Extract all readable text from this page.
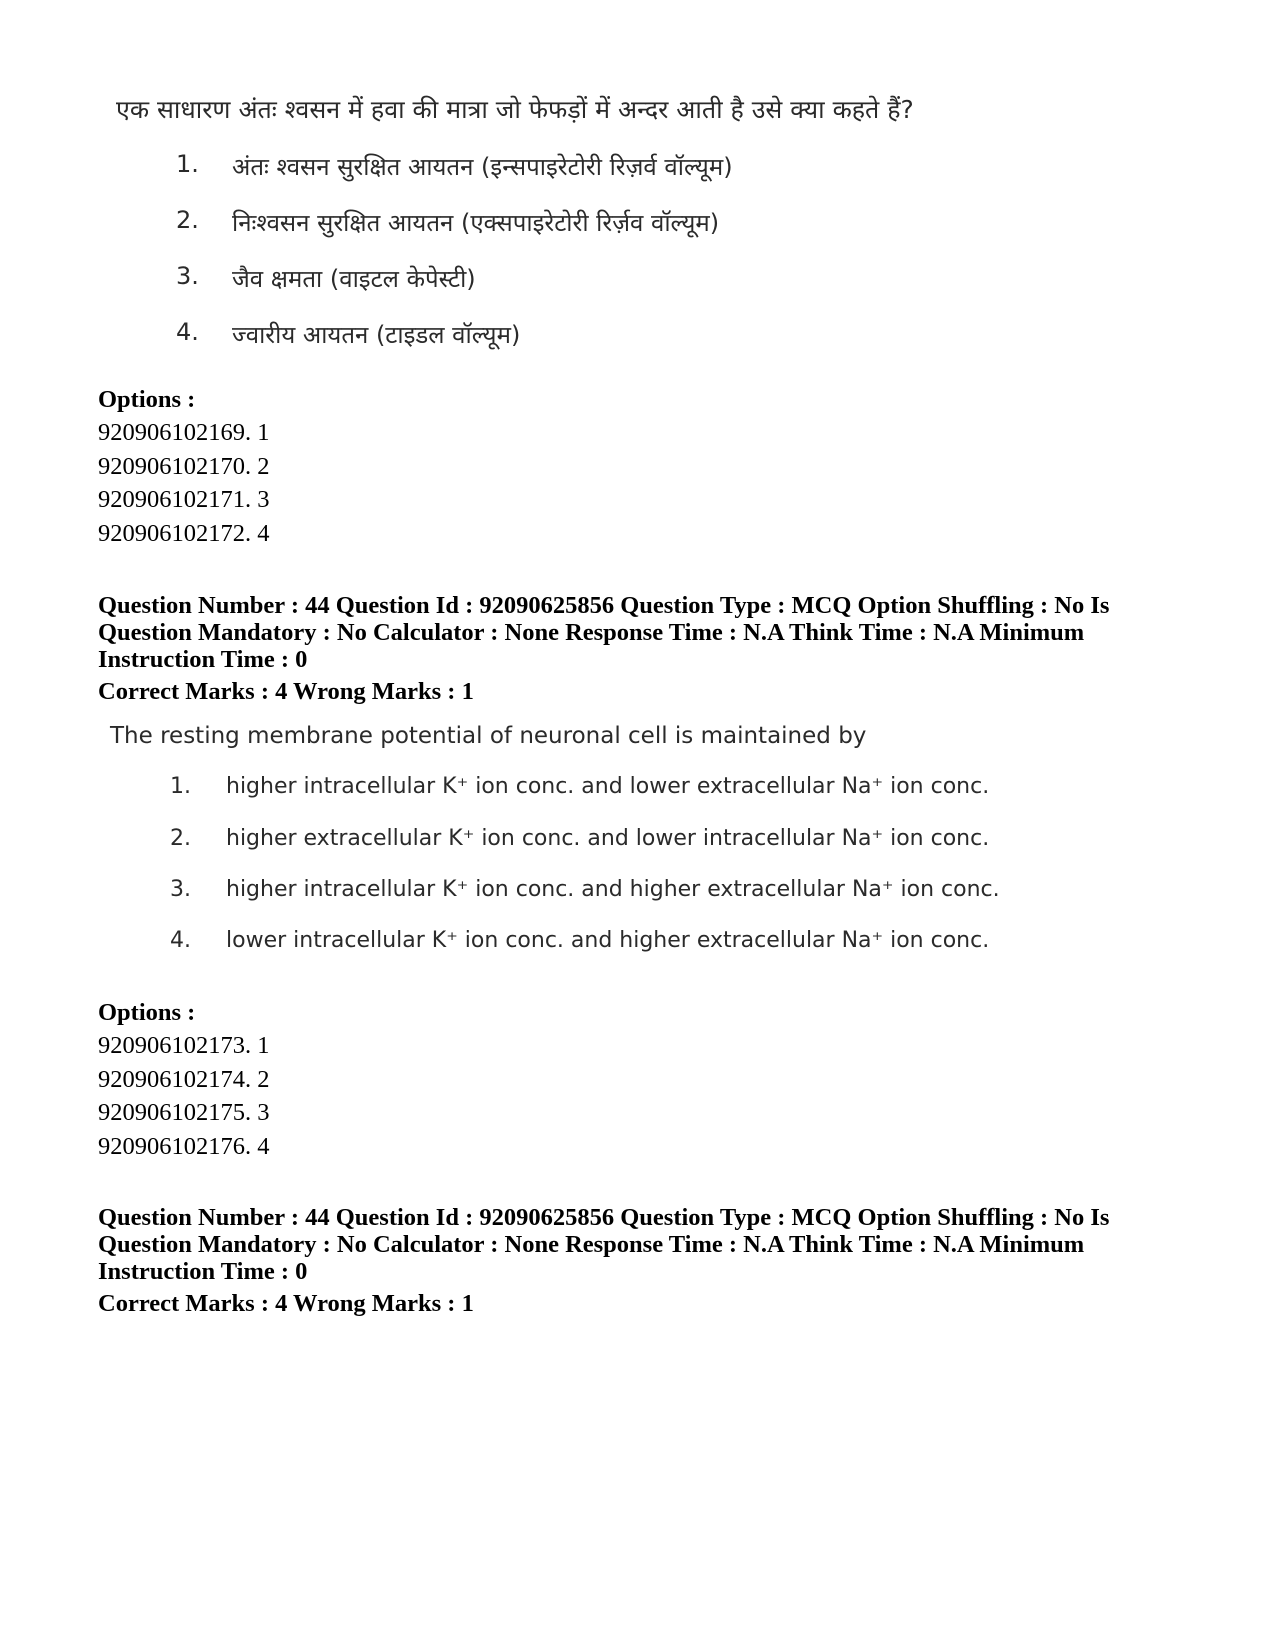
एक साधारण अंतः श्वसन में हवा की मात्रा जो फेफड़ों में अन्दर आती है उसे क्या कहते हैं?
1. अंतः श्वसन सुरक्षित आयतन (इन्सपाइरेटोरी रिज़र्व वॉल्यूम)
2. निःश्वसन सुरक्षित आयतन (एक्सपाइरेटोरी रिर्ज़व वॉल्यूम)
3. जैव क्षमता (वाइटल केपेस्टी)
4. ज्वारीय आयतन (टाइडल वॉल्यूम)
Options :
920906102169. 1
920906102170. 2
920906102171. 3
920906102172. 4
Question Number : 44 Question Id : 92090625856 Question Type : MCQ Option Shuffling : No Is
Question Mandatory : No Calculator : None Response Time : N.A Think Time : N.A Minimum
Instruction Time : 0
Correct Marks : 4 Wrong Marks : 1
The resting membrane potential of neuronal cell is maintained by
1. higher intracellular K⁺ ion conc. and lower extracellular Na⁺ ion conc.
2. higher extracellular K⁺ ion conc. and lower intracellular Na⁺ ion conc.
3. higher intracellular K⁺ ion conc. and higher extracellular Na⁺ ion conc.
4. lower intracellular K⁺ ion conc. and higher extracellular Na⁺ ion conc.
Options :
920906102173. 1
920906102174. 2
920906102175. 3
920906102176. 4
Question Number : 44 Question Id : 92090625856 Question Type : MCQ Option Shuffling : No Is
Question Mandatory : No Calculator : None Response Time : N.A Think Time : N.A Minimum
Instruction Time : 0
Correct Marks : 4 Wrong Marks : 1
